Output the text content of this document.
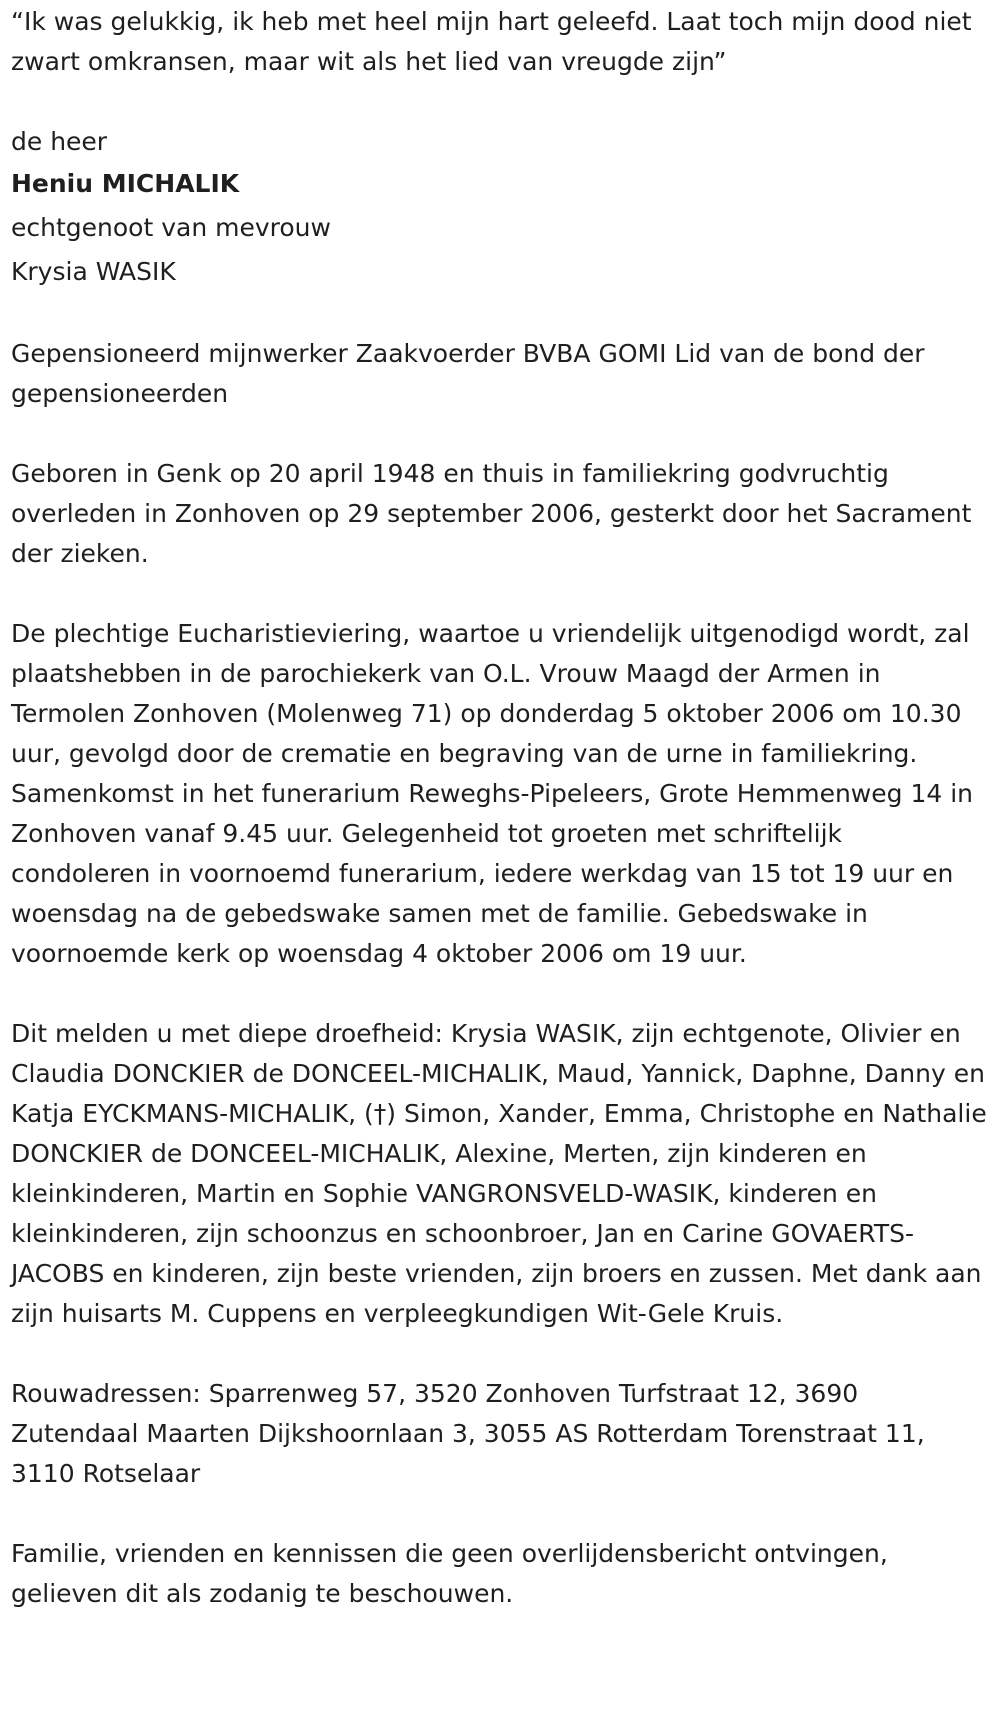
“Ik was gelukkig, ik heb met heel mijn hart geleefd. Laat toch mijn dood niet zwart omkransen, maar wit als het lied van vreugde zijn”

de heer

Heniu MICHALIK

echtgenoot van mevrouw

Krysia WASIK

Gepensioneerd mijnwerker Zaakvoerder BVBA GOMI Lid van de bond der gepensioneerden

Geboren in Genk op 20 april 1948 en thuis in familiekring godvruchtig overleden in Zonhoven op 29 september 2006, gesterkt door het Sacrament der zieken.

De plechtige Eucharistieviering, waartoe u vriendelijk uitgenodigd wordt, zal plaatshebben in de parochiekerk van O.L. Vrouw Maagd der Armen in Termolen Zonhoven (Molenweg 71) op donderdag 5 oktober 2006 om 10.30 uur, gevolgd door de crematie en begraving van de urne in familiekring. Samenkomst in het funerarium Reweghs-Pipeleers, Grote Hemmenweg 14 in Zonhoven vanaf 9.45 uur. Gelegenheid tot groeten met schriftelijk condoleren in voornoemd funerarium, iedere werkdag van 15 tot 19 uur en woensdag na de gebedswake samen met de familie. Gebedswake in voornoemde kerk op woensdag 4 oktober 2006 om 19 uur.

Dit melden u met diepe droefheid: Krysia WASIK, zijn echtgenote, Olivier en Claudia DONCKIER de DONCEEL-MICHALIK, Maud, Yannick, Daphne, Danny en Katja EYCKMANS-MICHALIK, (†) Simon, Xander, Emma, Christophe en Nathalie DONCKIER de DONCEEL-MICHALIK, Alexine, Merten, zijn kinderen en kleinkinderen, Martin en Sophie VANGRONSVELD-WASIK, kinderen en kleinkinderen, zijn schoonzus en schoonbroer, Jan en Carine GOVAERTS-JACOBS en kinderen, zijn beste vrienden, zijn broers en zussen. Met dank aan zijn huisarts M. Cuppens en verpleegkundigen Wit-Gele Kruis.

Rouwadressen: Sparrenweg 57, 3520 Zonhoven Turfstraat 12, 3690 Zutendaal Maarten Dijkshoornlaan 3, 3055 AS Rotterdam Torenstraat 11, 3110 Rotselaar

Familie, vrienden en kennissen die geen overlijdensbericht ontvingen, gelieven dit als zodanig te beschouwen.
